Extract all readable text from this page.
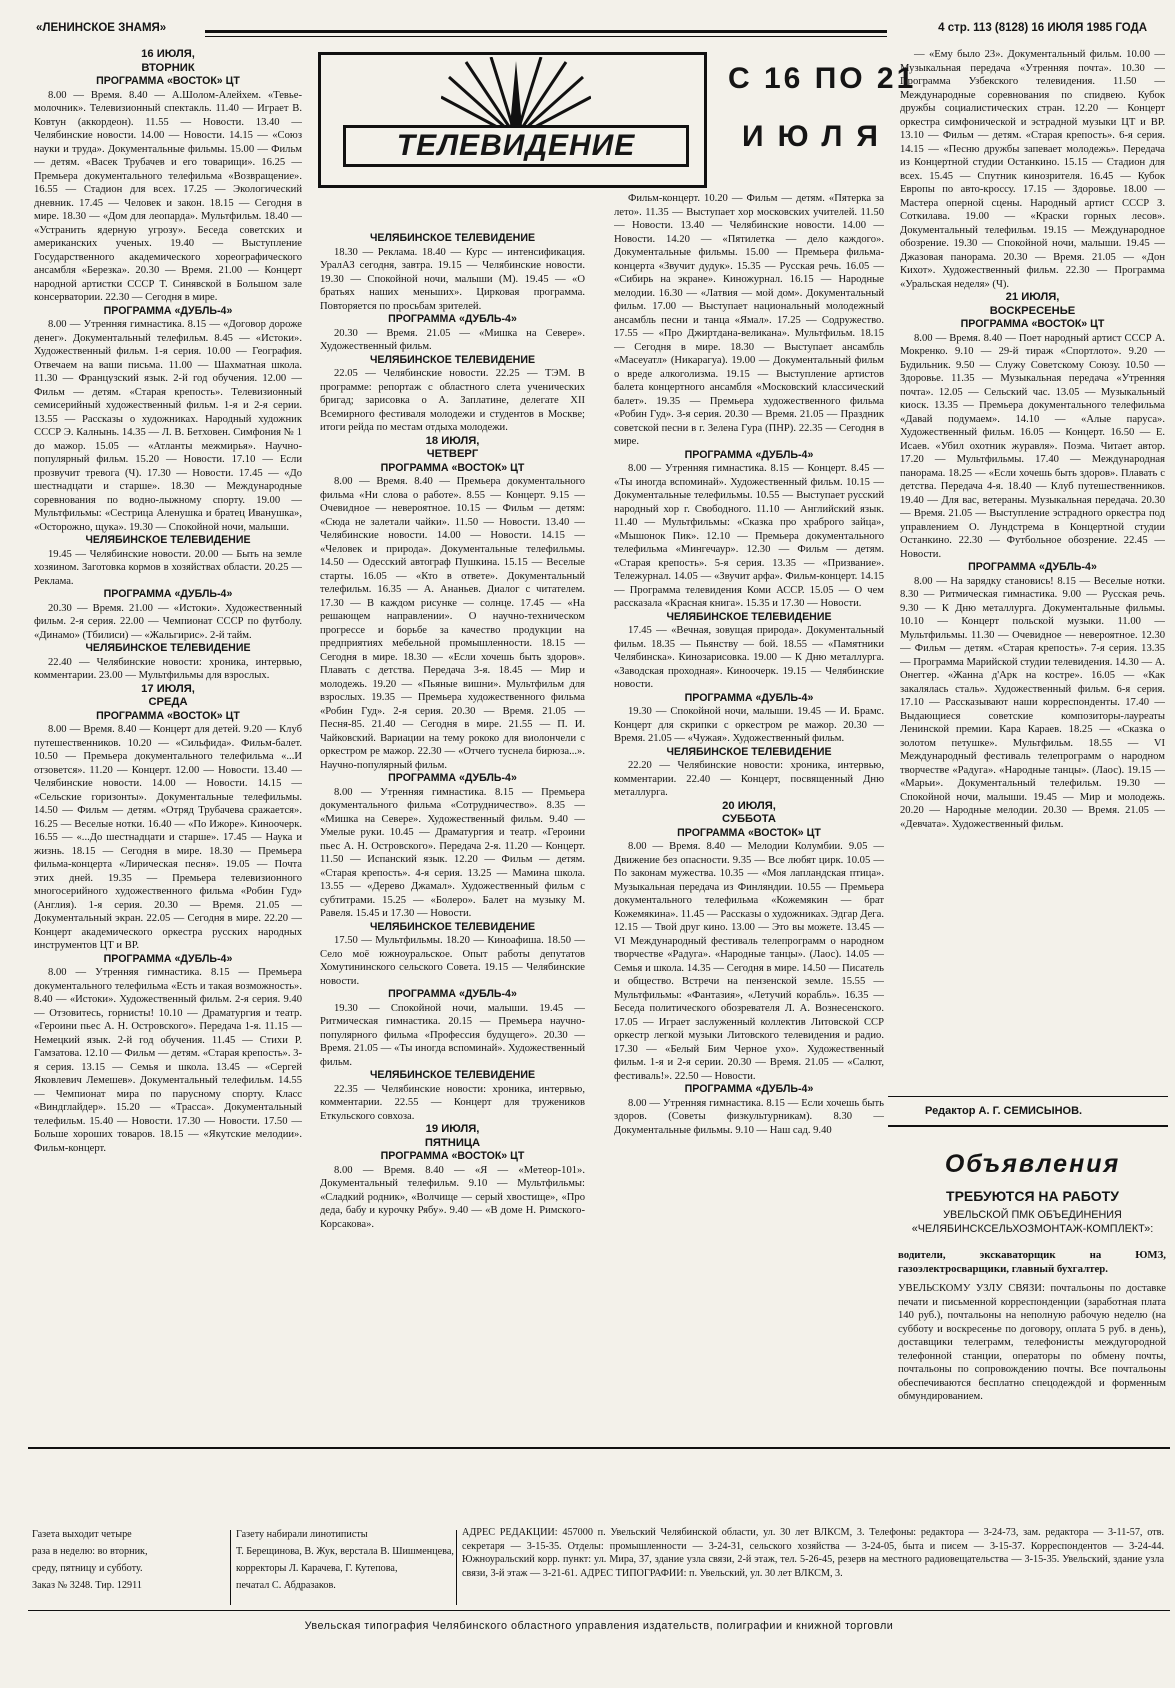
«ЛЕНИНСКОЕ ЗНАМЯ»	4 стр. 113 (8128) 16 ИЮЛЯ 1985 ГОДА
ТЕЛЕВИДЕНИЕ
С 16 ПО 21
ИЮЛЯ

16 ИЮЛЯ,

ВТОРНИК

ПРОГРАММА «ВОСТОК» ЦТ

8.00 — Время. 8.40 — А.Шолом-Алейхем. «Тевье-молочник». Телевизионный спектакль. 11.40 — Играет В. Ковтун (аккордеон). 11.55 — Новости. 13.40 — Челябинские новости. 14.00 — Новости. 14.15 — «Союз науки и труда». Документальные фильмы. 15.00 — Фильм — детям. «Васек Трубачев и его товарищи». 16.25 — Премьера документального телефильма «Возвращение». 16.55 — Стадион для всех. 17.25 — Экологический дневник. 17.45 — Человек и закон. 18.15 — Сегодня в мире. 18.30 — «Дом для леопарда». Мультфильм. 18.40 — «Устранить ядерную угрозу». Беседа советских и американских ученых. 19.40 — Выступление Государственного академического хореографического ансамбля «Березка». 20.30 — Время. 21.00 — Концерт народной артистки СССР Т. Синявской в Большом зале консерватории. 22.30 — Сегодня в мире.

ПРОГРАММА «ДУБЛЬ-4»

8.00 — Утренняя гимнастика. 8.15 — «Договор дороже денег». Документальный телефильм. 8.45 — «Истоки». Художественный фильм. 1-я серия. 10.00 — География. Отвечаем на ваши письма. 11.00 — Шахматная школа. 11.30 — Французский язык. 2-й год обучения. 12.00 — Фильм — детям. «Старая крепость». Телевизионный семисерийный художественный фильм. 1-я и 2-я серии. 13.55 — Рассказы о художниках. Народный художник СССР Э. Калнынь. 14.35 — Л. В. Бетховен. Симфония № 1 до мажор. 15.05 — «Атланты межмирья». Научно-популярный фильм. 15.20 — Новости. 17.10 — Если прозвучит тревога (Ч). 17.30 — Новости. 17.45 — «До шестнадцати и старше». 18.30 — Международные соревнования по водно-лыжному спорту. 19.00 — Мультфильмы: «Сестрица Аленушка и братец Иванушка», «Осторожно, щука». 19.30 — Спокойной ночи, малыши.

ЧЕЛЯБИНСКОЕ ТЕЛЕВИДЕНИЕ

19.45 — Челябинские новости. 20.00 — Быть на земле хозяином. Заготовка кормов в хозяйствах области. 20.25 — Реклама.

ПРОГРАММА «ДУБЛЬ-4»

20.30 — Время. 21.00 — «Истоки». Художественный фильм. 2-я серия. 22.00 — Чемпионат СССР по футболу. «Динамо» (Тбилиси) — «Жальгирис». 2-й тайм.

ЧЕЛЯБИНСКОЕ ТЕЛЕВИДЕНИЕ

22.40 — Челябинские новости: хроника, интервью, комментарии. 23.00 — Мультфильмы для взрослых.

17 ИЮЛЯ,

СРЕДА

ПРОГРАММА «ВОСТОК» ЦТ

8.00 — Время. 8.40 — Концерт для детей. 9.20 — Клуб путешественников. 10.20 — «Сильфида». Фильм-балет. 10.50 — Премьера документального телефильма «...И отзовется». 11.20 — Концерт. 12.00 — Новости. 13.40 — Челябинские новости. 14.00 — Новости. 14.15 — «Сельские горизонты». Документальные телефильмы. 14.50 — Фильм — детям. «Отряд Трубачева сражается». 16.25 — Веселые нотки. 16.40 — «По Ижоре». Киноочерк. 16.55 — «...До шестнадцати и старше». 17.45 — Наука и жизнь. 18.15 — Сегодня в мире. 18.30 — Премьера фильма-концерта «Лирическая песня». 19.05 — Почта этих дней. 19.35 — Премьера телевизионного многосерийного художественного фильма «Робин Гуд» (Англия). 1-я серия. 20.30 — Время. 21.05 — Документальный экран. 22.05 — Сегодня в мире. 22.20 — Концерт академического оркестра русских народных инструментов ЦТ и ВР.

ПРОГРАММА «ДУБЛЬ-4»

8.00 — Утренняя гимнастика. 8.15 — Премьера документального телефильма «Есть и такая возможность». 8.40 — «Истоки». Художественный фильм. 2-я серия. 9.40 — Отзовитесь, горнисты! 10.10 — Драматургия и театр. «Героини пьес А. Н. Островского». Передача 1-я. 11.15 — Немецкий язык. 2-й год обучения. 11.45 — Стихи Р. Гамзатова. 12.10 — Фильм — детям. «Старая крепость». 3-я серия. 13.15 — Семья и школа. 13.45 — «Сергей Яковлевич Лемешев». Документальный телефильм. 14.55 — Чемпионат мира по парусному спорту. Класс «Виндглайдер». 15.20 — «Трасса». Документальный телефильм. 15.40 — Новости. 17.30 — Новости. 17.50 — Больше хороших товаров. 18.15 — «Якутские мелодии». Фильм-концерт.

ЧЕЛЯБИНСКОЕ ТЕЛЕВИДЕНИЕ

18.30 — Реклама. 18.40 — Курс — интенсификация. УралАЗ сегодня, завтра. 19.15 — Челябинские новости. 19.30 — Спокойной ночи, малыши (М). 19.45 — «О братьях наших меньших». Цирковая программа. Повторяется по просьбам зрителей.

ПРОГРАММА «ДУБЛЬ-4»

20.30 — Время. 21.05 — «Мишка на Севере». Художественный фильм.

ЧЕЛЯБИНСКОЕ ТЕЛЕВИДЕНИЕ

22.05 — Челябинские новости. 22.25 — ТЭМ. В программе: репортаж с областного слета ученических бригад; зарисовка о А. Заплатине, делегате XII Всемирного фестиваля молодежи и студентов в Москве; итоги рейда по местам отдыха молодежи.

18 ИЮЛЯ,

ЧЕТВЕРГ

ПРОГРАММА «ВОСТОК» ЦТ

8.00 — Время. 8.40 — Премьера документального фильма «Ни слова о работе». 8.55 — Концерт. 9.15 — Очевидное — невероятное. 10.15 — Фильм — детям: «Сюда не залетали чайки». 11.50 — Новости. 13.40 — Челябинские новости. 14.00 — Новости. 14.15 — «Человек и природа». Документальные телефильмы. 14.50 — Одесский автограф Пушкина. 15.15 — Веселые старты. 16.05 — «Кто в ответе». Документальный телефильм. 16.35 — А. Ананьев. Диалог с читателем. 17.30 — В каждом рисунке — солнце. 17.45 — «На решающем направлении». О научно-техническом прогрессе и борьбе за качество продукции на предприятиях мебельной промышленности. 18.15 — Сегодня в мире. 18.30 — «Если хочешь быть здоров». Плавать с детства. Передача 3-я. 18.45 — Мир и молодежь. 19.20 — «Пьяные вишни». Мультфильм для взрослых. 19.35 — Премьера художественного фильма «Робин Гуд». 2-я серия. 20.30 — Время. 21.05 — Песня-85. 21.40 — Сегодня в мире. 21.55 — П. И. Чайковский. Вариации на тему рококо для виолончели с оркестром ре мажор. 22.30 — «Отчего туснела бирюза...». Научно-популярный фильм.

ПРОГРАММА «ДУБЛЬ-4»

8.00 — Утренняя гимнастика. 8.15 — Премьера документального фильма «Сотрудничество». 8.35 — «Мишка на Севере». Художественный фильм. 9.40 — Умелые руки. 10.45 — Драматургия и театр. «Героини пьес А. Н. Островского». Передача 2-я. 11.20 — Концерт. 11.50 — Испанский язык. 12.20 — Фильм — детям. «Старая крепость». 4-я серия. 13.25 — Мамина школа. 13.55 — «Дерево Джамал». Художественный фильм с субтитрами. 15.25 — «Болеро». Балет на музыку М. Равеля. 15.45 и 17.30 — Новости.

ЧЕЛЯБИНСКОЕ ТЕЛЕВИДЕНИЕ

17.50 — Мультфильмы. 18.20 — Киноафиша. 18.50 — Село моё южноуральское. Опыт работы депутатов Хомутининского сельского Совета. 19.15 — Челябинские новости.

ПРОГРАММА «ДУБЛЬ-4»

19.30 — Спокойной ночи, малыши. 19.45 — Ритмическая гимнастика. 20.15 — Премьера научно-популярного фильма «Профессия будущего». 20.30 — Время. 21.05 — «Ты иногда вспоминай». Художественный фильм.

ЧЕЛЯБИНСКОЕ ТЕЛЕВИДЕНИЕ

22.35 — Челябинские новости: хроника, интервью, комментарии. 22.55 — Концерт для тружеников Еткульского совхоза.

19 ИЮЛЯ,

ПЯТНИЦА

ПРОГРАММА «ВОСТОК» ЦТ

8.00 — Время. 8.40 — «Я — «Метеор-101». Документальный телефильм. 9.10 — Мультфильмы: «Сладкий родник», «Волчище — серый хвостище», «Про деда, бабу и курочку Рябу». 9.40 — «В доме Н. Римского-Корсакова».

Фильм-концерт. 10.20 — Фильм — детям. «Пятерка за лето». 11.35 — Выступает хор московских учителей. 11.50 — Новости. 13.40 — Челябинские новости. 14.00 — Новости. 14.20 — «Пятилетка — дело каждого». Документальные фильмы. 15.00 — Премьера фильма-концерта «Звучит дудук». 15.35 — Русская речь. 16.05 — «Сибирь на экране». Киножурнал. 16.15 — Народные мелодии. 16.30 — «Латвия — мой дом». Документальный фильм. 17.00 — Выступает национальный молодежный ансамбль песни и танца «Ямал». 17.25 — Содружество. 17.55 — «Про Джиртдана-великана». Мультфильм. 18.15 — Сегодня в мире. 18.30 — Выступает ансамбль «Масеуатл» (Никарагуа). 19.00 — Документальный фильм о вреде алкоголизма. 19.15 — Выступление артистов балета концертного ансамбля «Московский классический балет». 19.35 — Премьера художественного фильма «Робин Гуд». 3-я серия. 20.30 — Время. 21.05 — Праздник советской песни в г. Зелена Гура (ПНР). 22.35 — Сегодня в мире.

ПРОГРАММА «ДУБЛЬ-4»

8.00 — Утренняя гимнастика. 8.15 — Концерт. 8.45 — «Ты иногда вспоминай». Художественный фильм. 10.15 — Документальные телефильмы. 10.55 — Выступает русский народный хор г. Свободного. 11.10 — Английский язык. 11.40 — Мультфильмы: «Сказка про храброго зайца», «Мышонок Пик». 12.10 — Премьера документального телефильма «Мингечаур». 12.30 — Фильм — детям. «Старая крепость». 5-я серия. 13.35 — «Призвание». Тележурнал. 14.05 — «Звучит арфа». Фильм-концерт. 14.15 — Программа телевидения Коми АССР. 15.05 — О чем рассказала «Красная книга». 15.35 и 17.30 — Новости.

ЧЕЛЯБИНСКОЕ ТЕЛЕВИДЕНИЕ

17.45 — «Вечная, зовущая природа». Документальный фильм. 18.35 — Пьянству — бой. 18.55 — «Памятники Челябинска». Кинозарисовка. 19.00 — К Дню металлурга. «Заводская проходная». Киноочерк. 19.15 — Челябинские новости.

ПРОГРАММА «ДУБЛЬ-4»

19.30 — Спокойной ночи, малыши. 19.45 — И. Брамс. Концерт для скрипки с оркестром ре мажор. 20.30 — Время. 21.05 — «Чужая». Художественный фильм.

ЧЕЛЯБИНСКОЕ ТЕЛЕВИДЕНИЕ

22.20 — Челябинские новости: хроника, интервью, комментарии. 22.40 — Концерт, посвященный Дню металлурга.

20 ИЮЛЯ,

СУББОТА

ПРОГРАММА «ВОСТОК» ЦТ

8.00 — Время. 8.40 — Мелодии Колумбии. 9.05 — Движение без опасности. 9.35 — Все любят цирк. 10.05 — По законам мужества. 10.35 — «Моя лапландская птица». Музыкальная передача из Финляндии. 10.55 — Премьера документального телефильма «Кожемякин — брат Кожемякина». 11.45 — Рассказы о художниках. Эдгар Дега. 12.15 — Твой друг кино. 13.00 — Это вы можете. 13.45 — VI Международный фестиваль телепрограмм о народном творчестве «Радуга». «Народные танцы». (Лаос). 14.05 — Семья и школа. 14.35 — Сегодня в мире. 14.50 — Писатель и общество. Встречи на пензенской земле. 15.55 — Мультфильмы: «Фантазия», «Летучий корабль». 16.35 — Беседа политического обозревателя Л. А. Вознесенского. 17.05 — Играет заслуженный коллектив Литовской ССР оркестр легкой музыки Литовского телевидения и радио. 17.30 — «Белый Бим Черное ухо». Художественный фильм. 1-я и 2-я серии. 20.30 — Время. 21.05 — «Салют, фестиваль!». 22.50 — Новости.

ПРОГРАММА «ДУБЛЬ-4»

8.00 — Утренняя гимнастика. 8.15 — Если хочешь быть здоров. (Советы физкультурникам). 8.30 — Документальные фильмы. 9.10 — Наш сад. 9.40

— «Ему было 23». Документальный фильм. 10.00 — Музыкальная передача «Утренняя почта». 10.30 — Программа Узбекского телевидения. 11.50 — Международные соревнования по спидвею. Кубок дружбы социалистических стран. 12.20 — Концерт оркестра симфонической и эстрадной музыки ЦТ и ВР. 13.10 — Фильм — детям. «Старая крепость». 6-я серия. 14.15 — «Песню дружбы запевает молодежь». Передача из Концертной студии Останкино. 15.15 — Стадион для всех. 15.45 — Спутник кинозрителя. 16.45 — Кубок Европы по авто-кроссу. 17.15 — Здоровье. 18.00 — Мастера оперной сцены. Народный артист СССР З. Соткилава. 19.00 — «Краски горных лесов». Документальный телефильм. 19.15 — Международное обозрение. 19.30 — Спокойной ночи, малыши. 19.45 — Джазовая панорама. 20.30 — Время. 21.05 — «Дон Кихот». Художественный фильм. 22.30 — Программа «Уральская неделя» (Ч).

21 ИЮЛЯ,

ВОСКРЕСЕНЬЕ

ПРОГРАММА «ВОСТОК» ЦТ

8.00 — Время. 8.40 — Поет народный артист СССР А. Мокренко. 9.10 — 29-й тираж «Спортлото». 9.20 — Будильник. 9.50 — Служу Советскому Союзу. 10.50 — Здоровье. 11.35 — Музыкальная передача «Утренняя почта». 12.05 — Сельский час. 13.05 — Музыкальный киоск. 13.35 — Премьера документального телефильма «Давай подумаем». 14.10 — «Алые паруса». Художественный фильм. 16.05 — Концерт. 16.50 — Е. Исаев. «Убил охотник журавля». Поэма. Читает автор. 17.20 — Мультфильмы. 17.40 — Международная панорама. 18.25 — «Если хочешь быть здоров». Плавать с детства. Передача 4-я. 18.40 — Клуб путешественников. 19.40 — Для вас, ветераны. Музыкальная передача. 20.30 — Время. 21.05 — Выступление эстрадного оркестра под управлением О. Лундстрема в Концертной студии Останкино. 22.30 — Футбольное обозрение. 22.45 — Новости.

ПРОГРАММА «ДУБЛЬ-4»

8.00 — На зарядку становись! 8.15 — Веселые нотки. 8.30 — Ритмическая гимнастика. 9.00 — Русская речь. 9.30 — К Дню металлурга. Документальные фильмы. 10.10 — Концерт польской музыки. 11.00 — Мультфильмы. 11.30 — Очевидное — невероятное. 12.30 — Фильм — детям. «Старая крепость». 7-я серия. 13.35 — Программа Марийской студии телевидения. 14.30 — А. Онеггер. «Жанна д'Арк на костре». 16.05 — «Как закалялась сталь». Художественный фильм. 6-я серия. 17.10 — Рассказывают наши корреспонденты. 17.40 — Выдающиеся советские композиторы-лауреаты Ленинской премии. Кара Караев. 18.25 — «Сказка о золотом петушке». Мультфильм. 18.55 — VI Международный фестиваль телепрограмм о народном творчестве «Радуга». «Народные танцы». (Лаос). 19.15 — «Марьи». Документальный телефильм. 19.30 — Спокойной ночи, малыши. 19.45 — Мир и молодежь. 20.20 — Народные мелодии. 20.30 — Время. 21.05 — «Девчата». Художественный фильм.

Редактор А. Г. СЕМИСЫНОВ.
Объявления
ТРЕБУЮТСЯ НА РАБОТУ
УВЕЛЬСКОЙ ПМК ОБЪЕДИНЕНИЯ «ЧЕЛЯБИНСКСЕЛЬХОЗМОНТАЖ-КОМПЛЕКТ»:
водители, экскаваторщик на ЮМЗ, газоэлектросварщики, главный бухгалтер.
УВЕЛЬСКОМУ УЗЛУ СВЯЗИ: почтальоны по доставке печати и письменной корреспонденции (заработная плата 140 руб.), почтальоны на неполную рабочую неделю (на субботу и воскресенье по договору, оплата 5 руб. в день), доставщики телеграмм, телефонисты междугородной телефонной станции, операторы по обмену почты, почтальоны по сопровождению почты. Все почтальоны обеспечиваются бесплатно спецодеждой и форменным обмундированием.

Газета выходит четыре

раза в неделю: во вторник,

среду, пятницу и субботу.

Заказ № 3248. Тир. 12911

Газету набирали линотиписты

Т. Берещинова, В. Жук, верстала В. Шишменцева, корректоры Л. Карачева, Г. Кутепова,

печатал С. Абдразаков.

АДРЕС РЕДАКЦИИ: 457000 п. Увельский Челябинской области, ул. 30 лет ВЛКСМ, 3. Телефоны: редактора — 3-24-73, зам. редактора — 3-11-57, отв. секретаря — 3-15-35. Отделы: промышленности — 3-24-31, сельского хозяйства — 3-24-05, быта и писем — 3-15-37. Корреспондентов — 3-24-44. Южноуральский корр. пункт: ул. Мира, 37, здание узла связи, 2-й этаж, тел. 5-26-45, резерв на местного радиовещательства — 3-15-35. Увельский, здание узла связи, 3-й этаж — 3-21-61. АДРЕС ТИПОГРАФИИ: п. Увельский, ул. 30 лет ВЛКСМ, 3.
Увельская типография Челябинского областного управления издательств, полиграфии и книжной торговли
